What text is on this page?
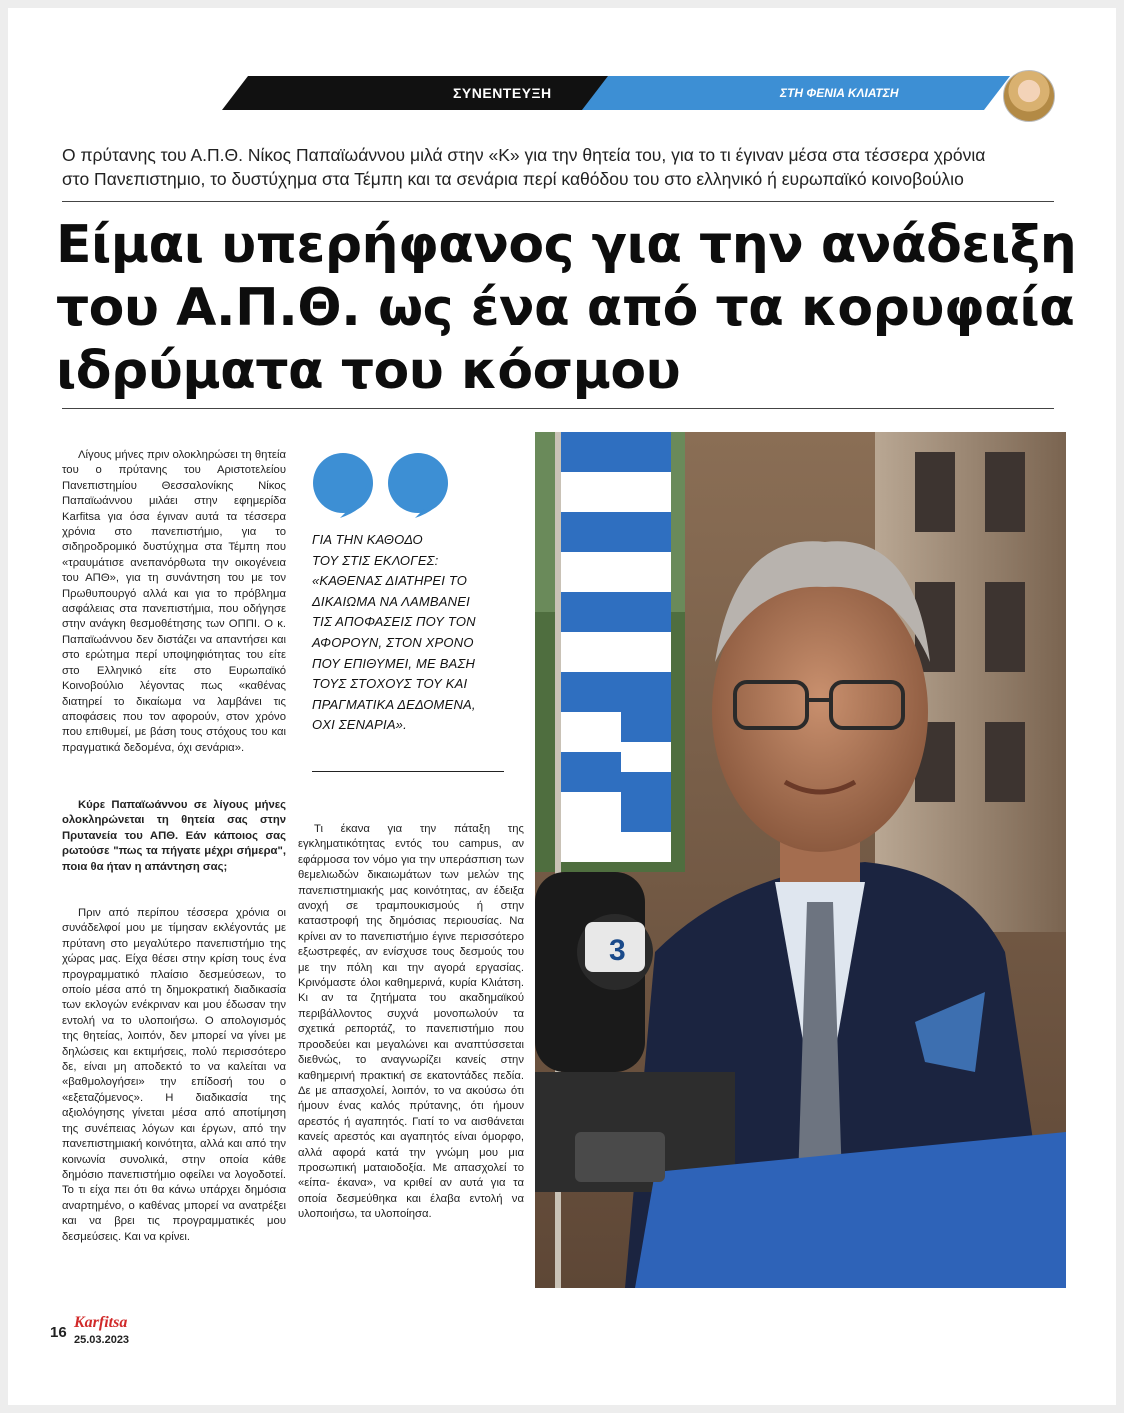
ΣΥΝΕΝΤΕΥΞΗ	ΣΤΗ ΦΕΝΙΑ ΚΛΙΑΤΣΗ
Ο πρύτανης του Α.Π.Θ. Νίκος Παπαϊωάννου μιλά στην «Κ» για την θητεία του, για το τι έγιναν μέσα στα τέσσερα χρόνια
στο Πανεπιστημιο, το δυστύχημα στα Τέμπη και τα σενάρια περί καθόδου του στο ελληνικό ή ευρωπαϊκό κοινοβούλιο
Είμαι υπερήφανος για την ανάδειξη
του Α.Π.Θ. ως ένα από τα κορυφαία
ιδρύματα του κόσμου

Λίγους μήνες πριν ολοκληρώσει τη θητεία του ο πρύτανης του Αριστοτελείου Πανεπιστημίου Θεσσαλονίκης Νίκος Παπαϊωάννου μιλάει στην εφημερίδα Karfitsa για όσα έγιναν αυτά τα τέσσερα χρόνια στο πανεπιστήμιο, για το σιδηροδρομικό δυστύχημα στα Τέμπη που «τραυμάτισε ανεπανόρθωτα την οικογένεια του ΑΠΘ», για τη συνάντηση του με τον Πρωθυπουργό αλλά και για το πρόβλημα ασφάλειας στα πανεπιστήμια, που οδήγησε στην ανάγκη θεσμοθέτησης των ΟΠΠΙ. Ο κ. Παπαϊωάννου δεν διστάζει να απαντήσει και στο ερώτημα περί υποψηφιότητας του είτε στο Ελληνικό είτε στο Ευρωπαϊκό Κοινοβούλιο λέγοντας πως «καθένας διατηρεί το δικαίωμα να λαμβάνει τις αποφάσεις που τον αφορούν, στον χρόνο που επιθυμεί, με βάση τους στόχους του και πραγματικά δεδομένα, όχι σενάρια».

Κύρε Παπαϊωάννου σε λίγους μήνες ολοκληρώνεται τη θητεία σας στην Πρυτανεία του ΑΠΘ. Εάν κάποιος σας ρωτούσε "πως τα πήγατε μέχρι σήμερα", ποια θα ήταν η απάντηση σας;

Πριν από περίπου τέσσερα χρόνια οι συνάδελφοί μου με τίμησαν εκλέγοντάς με πρύτανη στο μεγαλύτερο πανεπιστήμιο της χώρας μας. Είχα θέσει στην κρίση τους ένα προγραμματικό πλαίσιο δεσμεύσεων, το οποίο μέσα από τη δημοκρατική διαδικασία των εκλογών ενέκριναν και μου έδωσαν την εντολή να το υλοποιήσω. Ο απολογισμός της θητείας, λοιπόν, δεν μπορεί να γίνει με δηλώσεις και εκτιμήσεις, πολύ περισσότερο δε, είναι μη αποδεκτό το να καλείται να «βαθμολογήσει» την επίδοσή του ο «εξεταζόμενος». Η διαδικασία της αξιολόγησης γίνεται μέσα από αποτίμηση της συνέπειας λόγων και έργων, από την πανεπιστημιακή κοινότητα, αλλά και από την κοινωνία συνολικά, στην οποία κάθε δημόσιο πανεπιστήμιο οφείλει να λογοδοτεί. Το τι είχα πει ότι θα κάνω υπάρχει δημόσια αναρτημένο, ο καθένας μπορεί να ανατρέξει και να βρει τις προγραμματικές μου δεσμεύσεις. Και να κρίνει.

ΓΙΑ ΤΗΝ ΚΑΘΟΔΟ
ΤΟΥ ΣΤΙΣ ΕΚΛΟΓΕΣ:
«ΚΑΘΕΝΑΣ ΔΙΑΤΗΡΕΙ ΤΟ
ΔΙΚΑΙΩΜΑ ΝΑ ΛΑΜΒΑΝΕΙ
ΤΙΣ ΑΠΟΦΑΣΕΙΣ ΠΟΥ ΤΟΝ
ΑΦΟΡΟΥΝ, ΣΤΟΝ ΧΡΟΝΟ
ΠΟΥ ΕΠΙΘΥΜΕΙ, ΜΕ ΒΑΣΗ
ΤΟΥΣ ΣΤΟΧΟΥΣ ΤΟΥ ΚΑΙ
ΠΡΑΓΜΑΤΙΚΑ ΔΕΔΟΜΕΝΑ,
ΟΧΙ ΣΕΝΑΡΙΑ».

Τι έκανα για την πάταξη της εγκληματικότητας εντός του campus, αν εφάρμοσα τον νόμο για την υπεράσπιση των θεμελιωδών δικαιωμάτων των μελών της πανεπιστημιακής μας κοινότητας, αν έδειξα ανοχή σε τραμπουκισμούς ή στην καταστροφή της δημόσιας περιουσίας. Να κρίνει αν το πανεπιστήμιο έγινε περισσότερο εξωστρεφές, αν ενίσχυσε τους δεσμούς του με την πόλη και την αγορά εργασίας. Κρινόμαστε όλοι καθημερινά, κυρία Κλιάτση. Κι αν τα ζητήματα του ακαδημαϊκού περιβάλλοντος συχνά μονοπωλούν τα σχετικά ρεπορτάζ, το πανεπιστήμιο που προοδεύει και μεγαλώνει και αναπτύσσεται διεθνώς, το αναγνωρίζει κανείς στην καθημερινή πρακτική σε εκατοντάδες πεδία. Δε με απασχολεί, λοιπόν, το να ακούσω ότι ήμουν ένας καλός πρύτανης, ότι ήμουν αρεστός ή αγαπητός. Γιατί το να αισθάνεται κανείς αρεστός και αγαπητός είναι όμορφο, αλλά αφορά κατά την γνώμη μου μια προσωπική ματαιοδοξία. Με απασχολεί το «είπα- έκανα», να κριθεί αν αυτά για τα οποία δεσμεύθηκα και έλαβα εντολή να υλοποιήσω, τα υλοποίησα.

3
16
Karfitsa
25.03.2023
